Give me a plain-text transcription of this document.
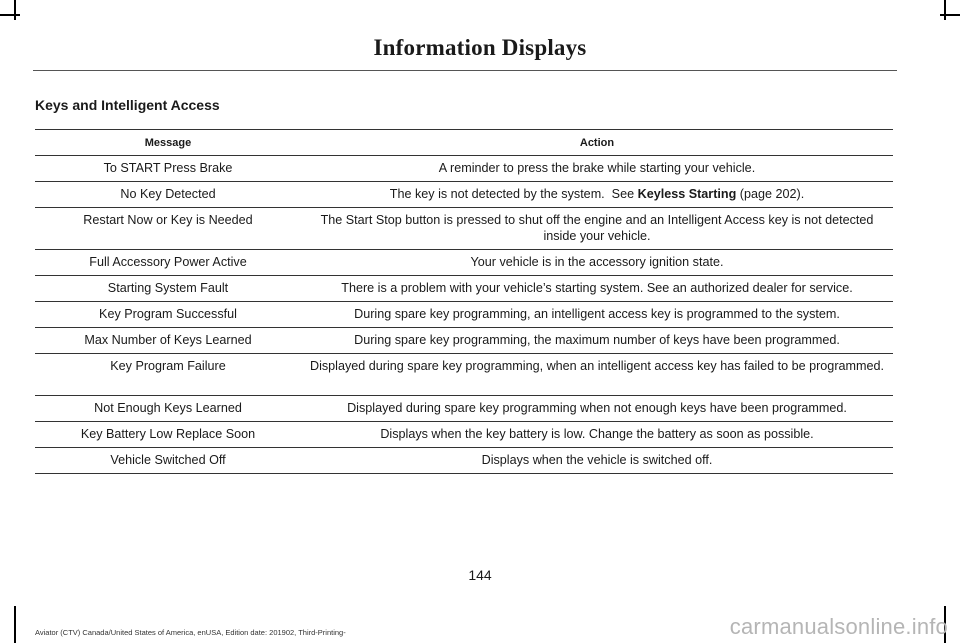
Information Displays
Keys and Intelligent Access
Message	Action
To START Press Brake	A reminder to press the brake while starting your vehicle.
No Key Detected	The key is not detected by the system.  See Keyless Starting (page 202).
Restart Now or Key is Needed	The Start Stop button is pressed to shut off the engine and an Intelligent Access key is not detected inside your vehicle.
Full Accessory Power Active	Your vehicle is in the accessory ignition state.
Starting System Fault	There is a problem with your vehicle’s starting system. See an authorized dealer for service.
Key Program Successful	During spare key programming, an intelligent access key is programmed to the system.
Max Number of Keys Learned	During spare key programming, the maximum number of keys have been programmed.
Key Program Failure	Displayed during spare key programming, when an intelligent access key has failed to be programmed.
Not Enough Keys Learned	Displayed during spare key programming when not enough keys have been programmed.
Key Battery Low Replace Soon	Displays when the key battery is low. Change the battery as soon as possible.
Vehicle Switched Off	Displays when the vehicle is switched off.
144
Aviator (CTV) Canada/United States of America, enUSA, Edition date: 201902, Third-Printing-	carmanualsonline.info
